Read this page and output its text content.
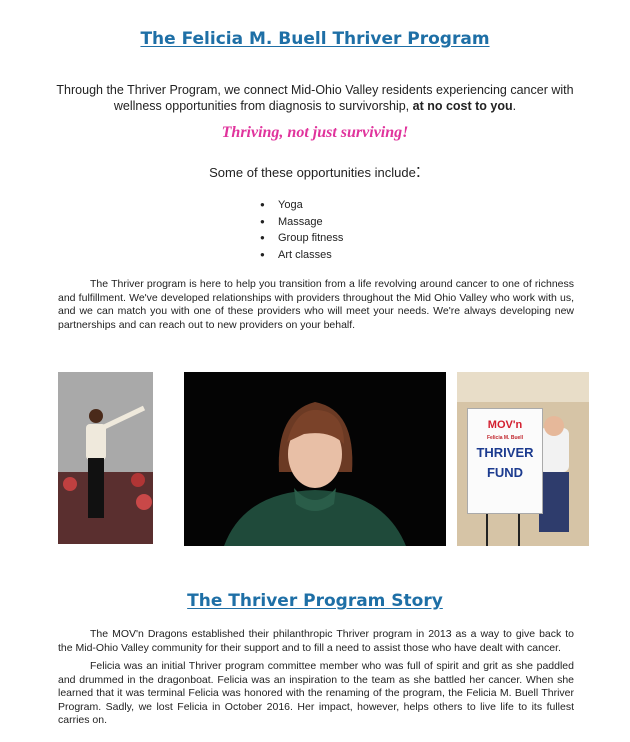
The Felicia M. Buell Thriver Program

Through the Thriver Program, we connect Mid-Ohio Valley residents experiencing cancer with wellness opportunities from diagnosis to survivorship, at no cost to you.

Thriving, not just surviving!

Some of these opportunities include:

● Yoga
● Massage
● Group fitness
● Art classes

The Thriver program is here to help you transition from a life revolving around cancer to one of richness and fulfillment. We've developed relationships with providers throughout the Mid Ohio Valley who work with us, and we can match you with one of these providers who will meet your needs. We're always developing new partnerships and can reach out to new providers on your behalf.

MOV'n
Felicia M. Buell
THRIVER
FUND
The Thriver Program Story

The MOV'n Dragons established their philanthropic Thriver program in 2013 as a way to give back to the Mid-Ohio Valley community for their support and to fill a need to assist those who have dealt with cancer.

Felicia was an initial Thriver program committee member who was full of spirit and grit as she paddled and drummed in the dragonboat. Felicia was an inspiration to the team as she battled her cancer. When she learned that it was terminal Felicia was honored with the renaming of the program, the Felicia M. Buell Thriver Program. Sadly, we lost Felicia in October 2016. Her impact, however, helps others to live life to its fullest carries on.
